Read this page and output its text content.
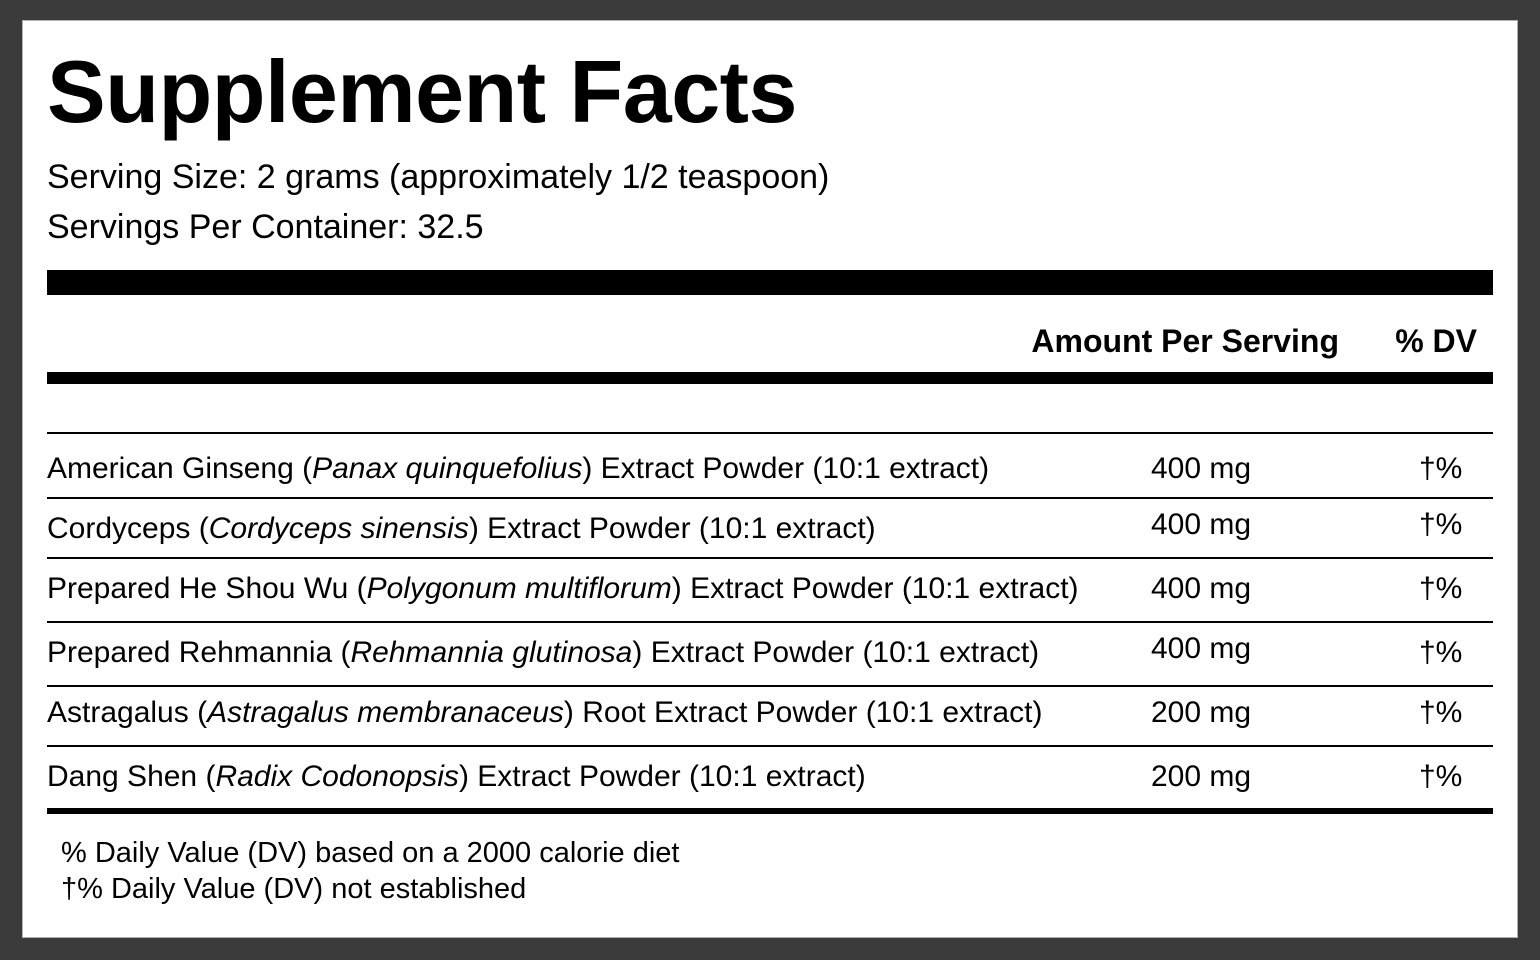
Supplement Facts
Serving Size: 2 grams (approximately 1/2 teaspoon)
Servings Per Container: 32.5
Amount Per Serving % DV
American Ginseng (Panax quinquefolius) Extract Powder (10:1 extract)	400 mg	†%
Cordyceps (Cordyceps sinensis) Extract Powder (10:1 extract)	400 mg	†%
Prepared He Shou Wu (Polygonum multiflorum) Extract Powder (10:1 extract) 400 mg	†%
Prepared Rehmannia (Rehmannia glutinosa) Extract Powder (10:1 extract)	400 mg	†%
Astragalus (Astragalus membranaceus) Root Extract Powder (10:1 extract)	200 mg	†%
Dang Shen (Radix Codonopsis) Extract Powder (10:1 extract)	200 mg	†%
% Daily Value (DV) based on a 2000 calorie diet
†% Daily Value (DV) not established
